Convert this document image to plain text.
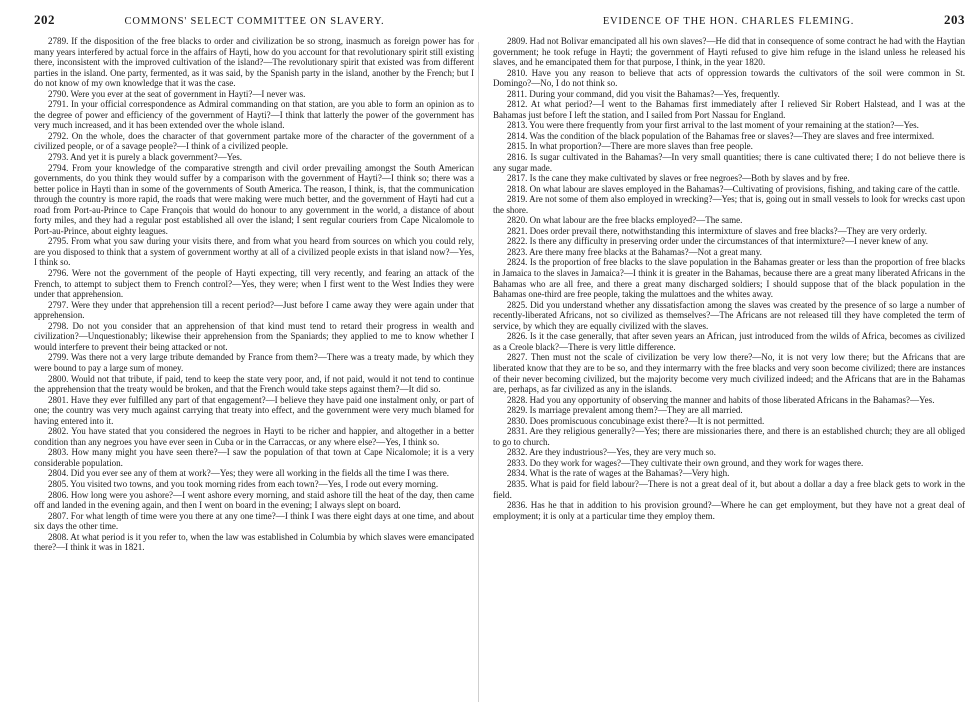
202	COMMONS' SELECT COMMITTEE ON SLAVERY.

2789. If the disposition of the free blacks to order and civilization be so strong, inasmuch as foreign power has for many years interfered by actual force in the affairs of Hayti, how do you account for that revolutionary spirit still existing there, inconsistent with the improved cultivation of the island?—The revolutionary spirit that existed was from different parties in the island. One party, fermented, as it was said, by the Spanish party in the island, another by the French; but I do not know of my own knowledge that it was the case.

2790. Were you ever at the seat of government in Hayti?—I never was.

2791. In your official correspondence as Admiral commanding on that station, are you able to form an opinion as to the degree of power and efficiency of the government of Hayti?—I think that latterly the power of the government has very much increased, and it has been extended over the whole island.

2792. On the whole, does the character of that government partake more of the character of the government of a civilized people, or of a savage people?—I think of a civilized people.

2793. And yet it is purely a black government?—Yes.

2794. From your knowledge of the comparative strength and civil order prevailing amongst the South American governments, do you think they would suffer by a comparison with the government of Hayti?—I think so; there was a better police in Hayti than in some of the governments of South America. The reason, I think, is, that the communication through the country is more rapid, the roads that were making were much better, and the government of Hayti had cut a road from Port-au-Prince to Cape François that would do honour to any government in the world, a distance of about forty miles, and they had a regular post established all over the island; I sent regular couriers from Cape Nicalomole to Port-au-Prince, about eighty leagues.

2795. From what you saw during your visits there, and from what you heard from sources on which you could rely, are you disposed to think that a system of government worthy at all of a civilized people exists in that island now?—Yes, I think so.

2796. Were not the government of the people of Hayti expecting, till very recently, and fearing an attack of the French, to attempt to subject them to French control?—Yes, they were; when I first went to the West Indies they were under that apprehension.

2797. Were they under that apprehension till a recent period?—Just before I came away they were again under that apprehension.

2798. Do not you consider that an apprehension of that kind must tend to retard their progress in wealth and civilization?—Unquestionably; likewise their apprehension from the Spaniards; they applied to me to know whether I would interfere to prevent their being attacked or not.

2799. Was there not a very large tribute demanded by France from them?—There was a treaty made, by which they were bound to pay a large sum of money.

2800. Would not that tribute, if paid, tend to keep the state very poor, and, if not paid, would it not tend to continue the apprehension that the treaty would be broken, and that the French would take steps against them?—It did so.

2801. Have they ever fulfilled any part of that engagement?—I believe they have paid one instalment only, or part of one; the country was very much against carrying that treaty into effect, and the government were very much blamed for having entered into it.

2802. You have stated that you considered the negroes in Hayti to be richer and happier, and altogether in a better condition than any negroes you have ever seen in Cuba or in the Carraccas, or any where else?—Yes, I think so.

2803. How many might you have seen there?—I saw the population of that town at Cape Nicalomole; it is a very considerable population.

2804. Did you ever see any of them at work?—Yes; they were all working in the fields all the time I was there.

2805. You visited two towns, and you took morning rides from each town?—Yes, I rode out every morning.

2806. How long were you ashore?—I went ashore every morning, and staid ashore till the heat of the day, then came off and landed in the evening again, and then I went on board in the evening; I always slept on board.

2807. For what length of time were you there at any one time?—I think I was there eight days at one time, and about six days the other time.

2808. At what period is it you refer to, when the law was established in Columbia by which slaves were emancipated there?—I think it was in 1821.

EVIDENCE OF THE HON. CHARLES FLEMING.	203

2809. Had not Bolivar emancipated all his own slaves?—He did that in consequence of some contract he had with the Haytian government; he took refuge in Hayti; the government of Hayti refused to give him refuge in the island unless he released his slaves, and he emancipated them for that purpose, I think, in the year 1820.

2810. Have you any reason to believe that acts of oppression towards the cultivators of the soil were common in St. Domingo?—No, I do not think so.

2811. During your command, did you visit the Bahamas?—Yes, frequently.

2812. At what period?—I went to the Bahamas first immediately after I relieved Sir Robert Halstead, and I was at the Bahamas just before I left the station, and I sailed from Port Nassau for England.

2813. You were there frequently from your first arrival to the last moment of your remaining at the station?—Yes.

2814. Was the condition of the black population of the Bahamas free or slaves?—They are slaves and free intermixed.

2815. In what proportion?—There are more slaves than free people.

2816. Is sugar cultivated in the Bahamas?—In very small quantities; there is cane cultivated there; I do not believe there is any sugar made.

2817. Is the cane they make cultivated by slaves or free negroes?—Both by slaves and by free.

2818. On what labour are slaves employed in the Bahamas?—Cultivating of provisions, fishing, and taking care of the cattle.

2819. Are not some of them also employed in wrecking?—Yes; that is, going out in small vessels to look for wrecks cast upon the shore.

2820. On what labour are the free blacks employed?—The same.

2821. Does order prevail there, notwithstanding this intermixture of slaves and free blacks?—They are very orderly.

2822. Is there any difficulty in preserving order under the circumstances of that intermixture?—I never knew of any.

2823. Are there many free blacks at the Bahamas?—Not a great many.

2824. Is the proportion of free blacks to the slave population in the Bahamas greater or less than the proportion of free blacks in Jamaica to the slaves in Jamaica?—I think it is greater in the Bahamas, because there are a great many liberated Africans in the Bahamas who are all free, and there a great many discharged soldiers; I should suppose that of the black population in the Bahamas one-third are free people, taking the mulattoes and the whites away.

2825. Did you understand whether any dissatisfaction among the slaves was created by the presence of so large a number of recently-liberated Africans, not so civilized as themselves?—The Africans are not released till they have completed the term of service, by which they are equally civilized with the slaves.

2826. Is it the case generally, that after seven years an African, just introduced from the wilds of Africa, becomes as civilized as a Creole black?—There is very little difference.

2827. Then must not the scale of civilization be very low there?—No, it is not very low there; but the Africans that are liberated know that they are to be so, and they intermarry with the free blacks and very soon become civilized; there are instances of their never becoming civilized, but the majority become very much civilized indeed; and the Africans that are in the Bahamas are, perhaps, as far civilized as any in the islands.

2828. Had you any opportunity of observing the manner and habits of those liberated Africans in the Bahamas?—Yes.

2829. Is marriage prevalent among them?—They are all married.

2830. Does promiscuous concubinage exist there?—It is not permitted.

2831. Are they religious generally?—Yes; there are missionaries there, and there is an established church; they are all obliged to go to church.

2832. Are they industrious?—Yes, they are very much so.

2833. Do they work for wages?—They cultivate their own ground, and they work for wages there.

2834. What is the rate of wages at the Bahamas?—Very high.

2835. What is paid for field labour?—There is not a great deal of it, but about a dollar a day a free black gets to work in the field.

2836. Has he that in addition to his provision ground?—Where he can get employment, but they have not a great deal of employment; it is only at a particular time they employ them.
